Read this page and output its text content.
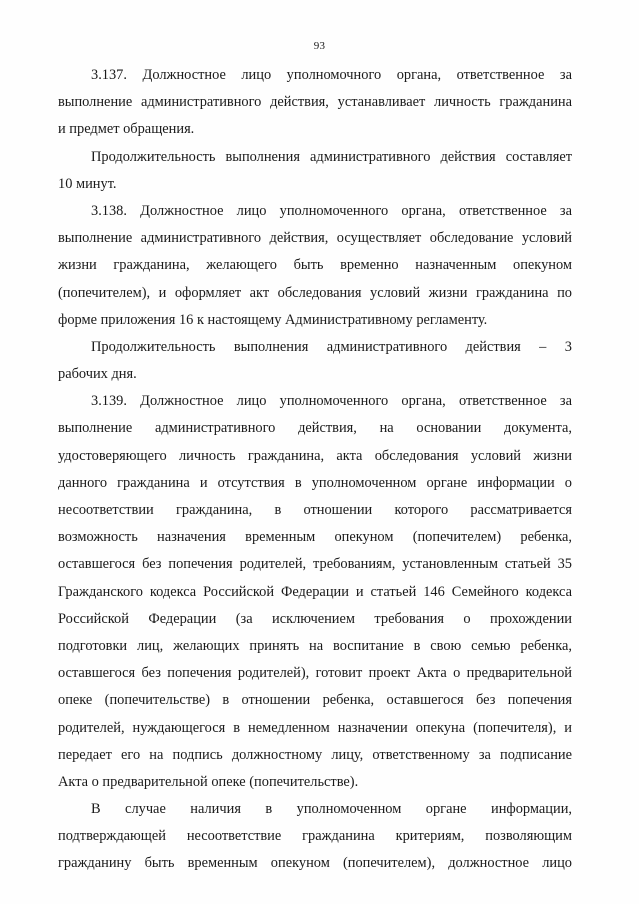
93
3.137. Должностное лицо уполномочного органа, ответственное за
выполнение административного действия, устанавливает личность гражданина
и предмет обращения.
Продолжительность выполнения административного действия составляет
10 минут.
3.138. Должностное лицо уполномоченного органа, ответственное за
выполнение административного действия, осуществляет обследование условий
жизни гражданина, желающего быть временно назначенным опекуном
(попечителем), и оформляет акт обследования условий жизни гражданина по
форме приложения 16 к настоящему Административному регламенту.
Продолжительность выполнения административного действия – 3
рабочих дня.
3.139. Должностное лицо уполномоченного органа, ответственное за
выполнение административного действия, на основании документа,
удостоверяющего личность гражданина, акта обследования условий жизни
данного гражданина и отсутствия в уполномоченном органе информации о
несоответствии гражданина, в отношении которого рассматривается
возможность назначения временным опекуном (попечителем) ребенка,
оставшегося без попечения родителей, требованиям, установленным статьей 35
Гражданского кодекса Российской Федерации и статьей 146 Семейного кодекса
Российской Федерации (за исключением требования о прохождении
подготовки лиц, желающих принять на воспитание в свою семью ребенка,
оставшегося без попечения родителей), готовит проект Акта о предварительной
опеке (попечительстве) в отношении ребенка, оставшегося без попечения
родителей, нуждающегося в немедленном назначении опекуна (попечителя), и
передает его на подпись должностному лицу, ответственному за подписание
Акта о предварительной опеке (попечительстве).
В случае наличия в уполномоченном органе информации,
подтверждающей несоответствие гражданина критериям, позволяющим
гражданину быть временным опекуном (попечителем), должностное лицо
